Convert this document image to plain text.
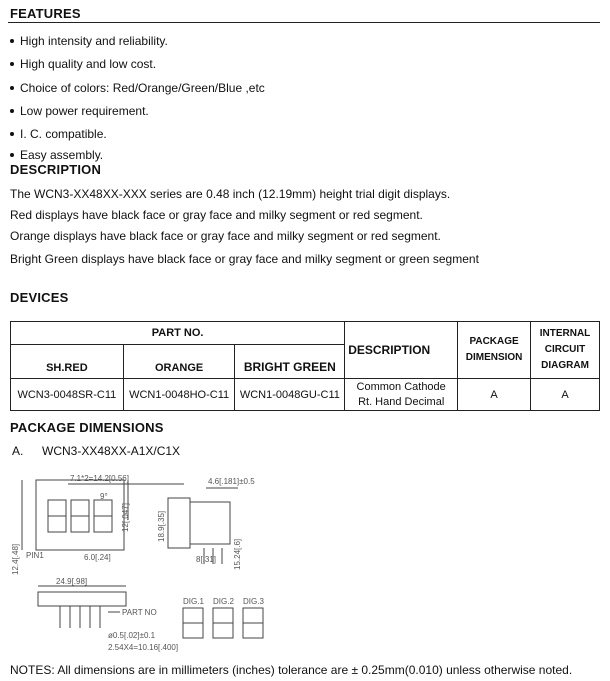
FEATURES
High intensity and reliability.
High quality and low cost.
Choice of colors: Red/Orange/Green/Blue ,etc
Low power requirement.
I. C. compatible.
Easy assembly.
DESCRIPTION
The WCN3-XX48XX-XXX series are 0.48 inch (12.19mm) height trial digit displays.
Red displays have black face or gray face and milky segment or red segment.
Orange displays have black face or gray face and milky segment or red segment.
Bright Green displays have black face or gray face and milky segment or green segment
DEVICES
PART NO.			DESCRIPTION	PACKAGE DIMENSION	INTERNAL CIRCUIT DIAGRAM
SH.RED	ORANGE	BRIGHT GREEN			
WCN3-0048SR-C11	WCN1-0048HO-C11	WCN1-0048GU-C11	Common Cathode
Rt. Hand Decimal	A	A
PACKAGE DIMENSIONS
A. WCN3-XX48XX-A1X/C1X
7.1*2=14.2[0.56]
9°
12[.047]
4.6[.181]±0.5
18.9[.35]
8[.31] 15.24[.6]
12.4[.48] PIN1	6.0[.24]
24.9[.98]
PART NO
ø0.5[.02]±0.1
2.54X4=10.16[.400]
DIG.1 DIG.2 DIG.3
NOTES: All dimensions are in millimeters (inches) tolerance are ± 0.25mm(0.010) unless otherwise noted.
